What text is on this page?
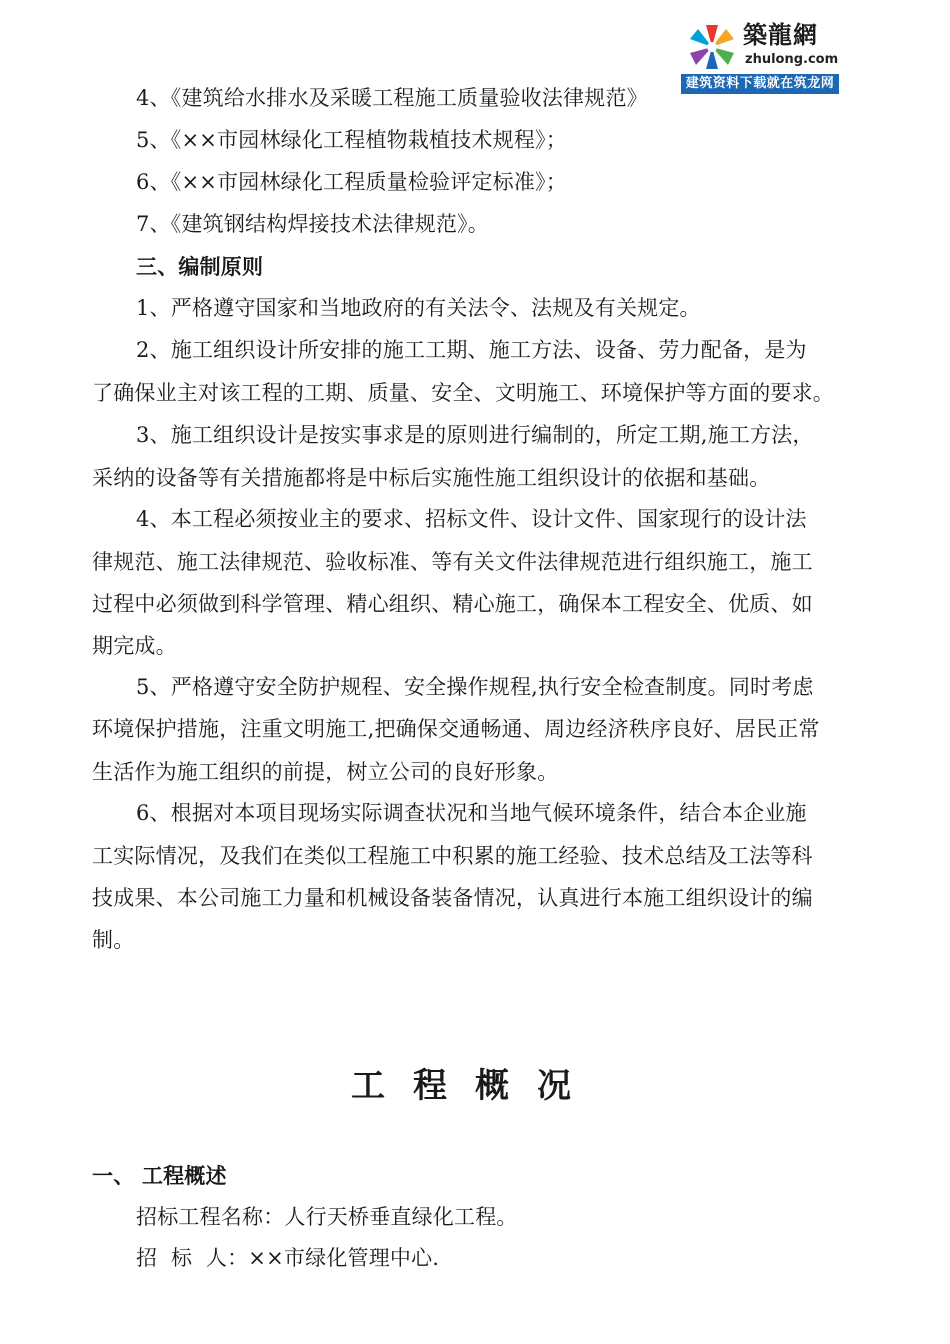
築龍網
zhulong.com
建筑资料下载就在筑龙网
4、《建筑给水排水及采暖工程施工质量验收法律规范》
5、《××市园林绿化工程植物栽植技术规程》；
6、《××市园林绿化工程质量检验评定标准》；
7、《建筑钢结构焊接技术法律规范》。
三、编制原则
1、严格遵守国家和当地政府的有关法令、法规及有关规定。
2、施工组织设计所安排的施工工期、施工方法、设备、劳力配备，是为
了确保业主对该工程的工期、质量、安全、文明施工、环境保护等方面的要求。
3、施工组织设计是按实事求是的原则进行编制的，所定工期,施工方法，
采纳的设备等有关措施都将是中标后实施性施工组织设计的依据和基础。
4、本工程必须按业主的要求、招标文件、设计文件、国家现行的设计法
律规范、施工法律规范、验收标准、等有关文件法律规范进行组织施工，施工
过程中必须做到科学管理、精心组织、精心施工，确保本工程安全、优质、如
期完成。
5、严格遵守安全防护规程、安全操作规程,执行安全检查制度。同时考虑
环境保护措施，注重文明施工,把确保交通畅通、周边经济秩序良好、居民正常
生活作为施工组织的前提，树立公司的良好形象。
6、根据对本项目现场实际调查状况和当地气候环境条件，结合本企业施
工实际情况，及我们在类似工程施工中积累的施工经验、技术总结及工法等科
技成果、本公司施工力量和机械设备装备情况，认真进行本施工组织设计的编
制。
工程概况
一、 工程概述
招标工程名称：人行天桥垂直绿化工程。
招  标  人：××市绿化管理中心.
